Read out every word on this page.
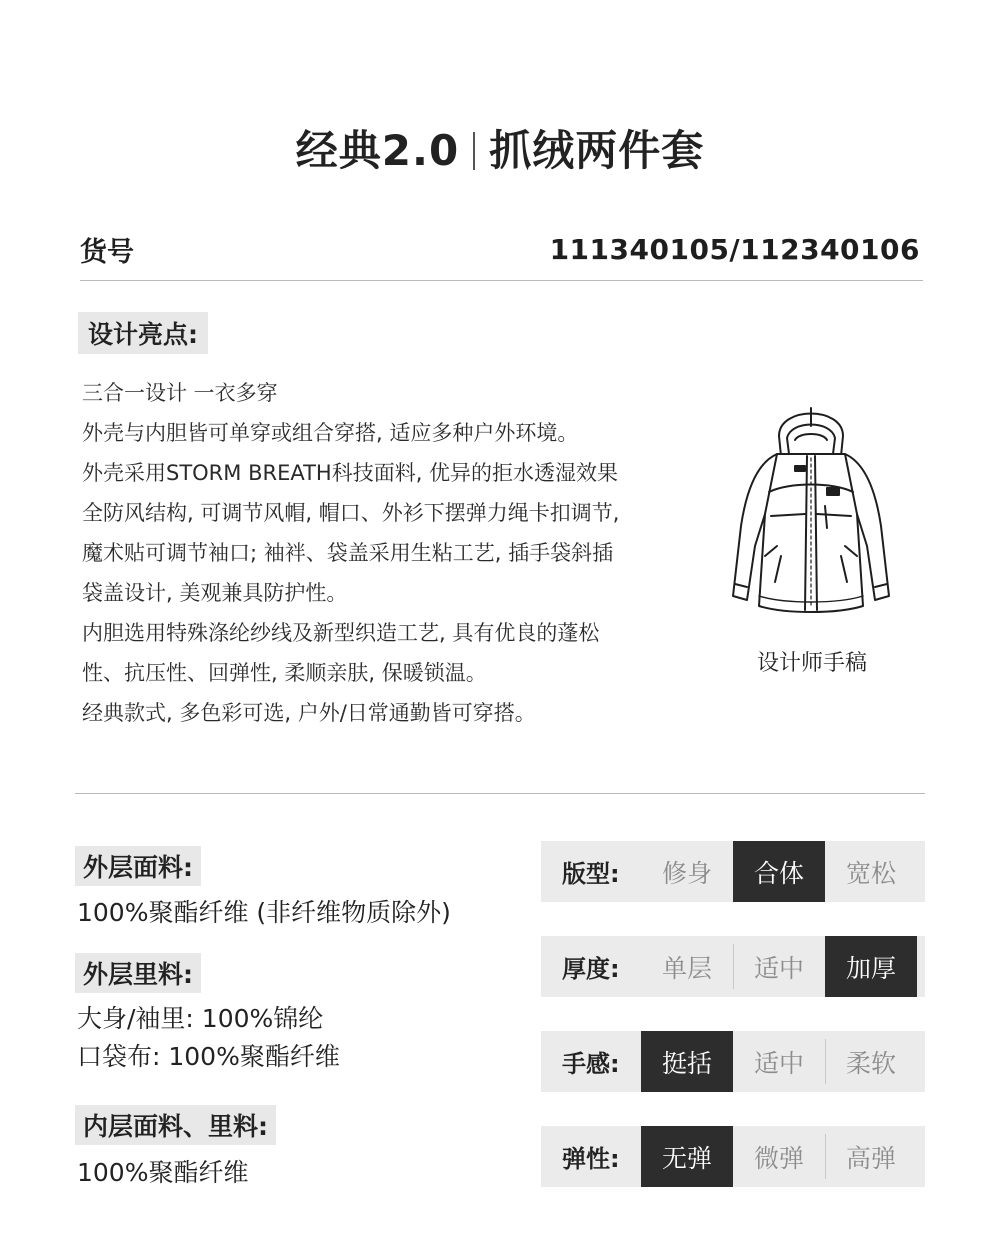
经典2.0 抓绒两件套
货号	111340105/112340106
设计亮点:
三合一设计 一衣多穿
外壳与内胆皆可单穿或组合穿搭, 适应多种户外环境。
外壳采用STORM BREATH科技面料, 优异的拒水透湿效果
全防风结构, 可调节风帽, 帽口、外衫下摆弹力绳卡扣调节,
魔术贴可调节袖口; 袖袢、袋盖采用生粘工艺, 插手袋斜插
袋盖设计, 美观兼具防护性。
内胆选用特殊涤纶纱线及新型织造工艺, 具有优良的蓬松
性、抗压性、回弹性, 柔顺亲肤, 保暖锁温。
经典款式, 多色彩可选, 户外/日常通勤皆可穿搭。
设计师手稿
外层面料:
100%聚酯纤维 (非纤维物质除外)
外层里料:
大身/袖里: 100%锦纶
口袋布: 100%聚酯纤维
内层面料、里料:
100%聚酯纤维
版型:	修身	合体	宽松
厚度:	单层	适中	加厚
手感:	挺括	适中	柔软
弹性:	无弹	微弹	高弹
